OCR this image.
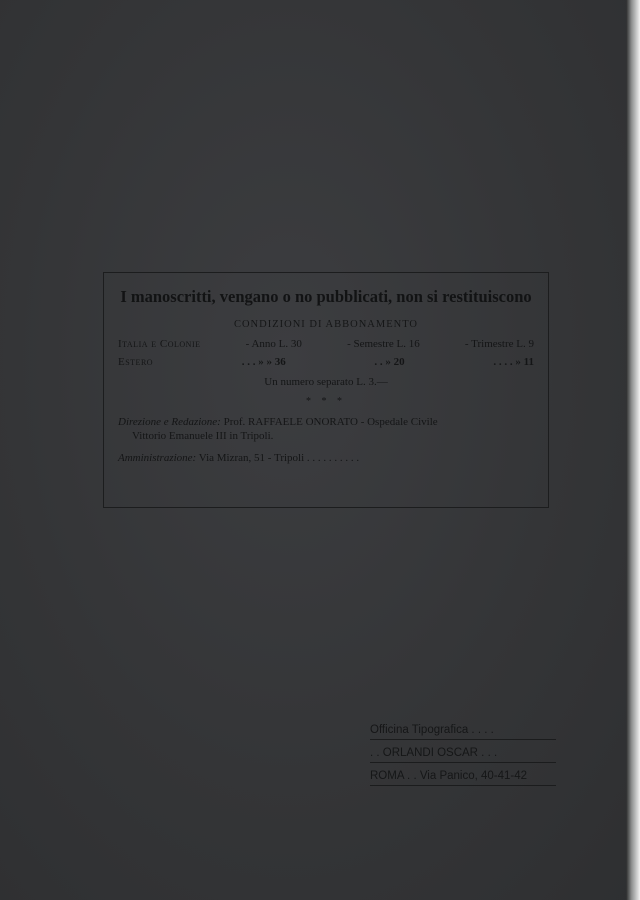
I manoscritti, vengano o no pubblicati, non si restituiscono
CONDIZIONI DI ABBONAMENTO
Italia e Colonie	- Anno L. 30	- Semestre L. 16	- Trimestre L. 9
Estero	. . . » » 36	. . » 20	. . . . » 11
Un numero separato L. 3.—
* * *
Direzione e Redazione: Prof. RAFFAELE ONORATO - Ospedale Civile
Vittorio Emanuele III in Tripoli.
Amministrazione: Via Mizran, 51 - Tripoli . . . . . . . . . .
Officina Tipografica . . . .
. . ORLANDI OSCAR . . .
ROMA . . Via Panico, 40-41-42
